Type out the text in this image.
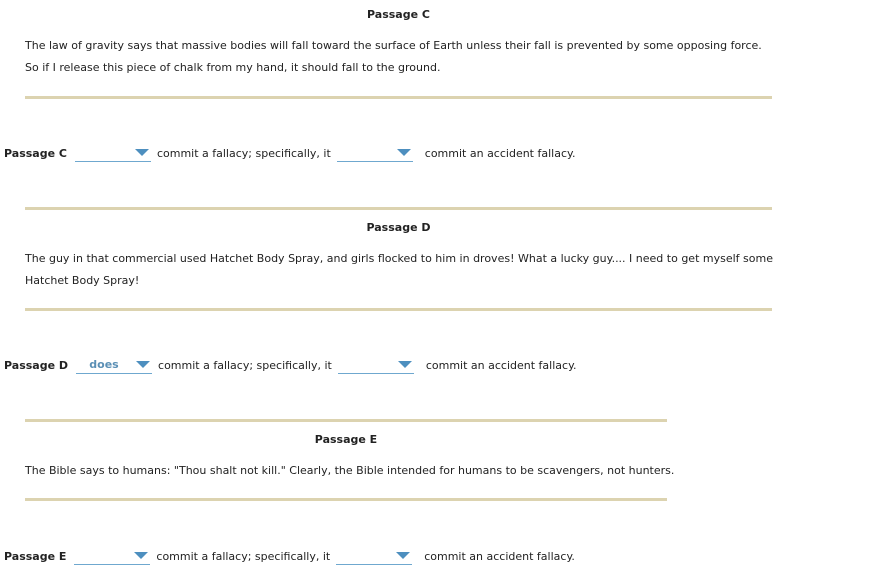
Passage C
The law of gravity says that massive bodies will fall toward the surface of Earth unless their fall is prevented by some opposing force. So if I release this piece of chalk from my hand, it should fall to the ground.
Passage C	commit a fallacy; specifically, it	commit an accident fallacy.
Passage D
The guy in that commercial used Hatchet Body Spray, and girls flocked to him in droves! What a lucky guy.... I need to get myself some Hatchet Body Spray!
Passage D	does	commit a fallacy; specifically, it	commit an accident fallacy.
Passage E
The Bible says to humans: "Thou shalt not kill." Clearly, the Bible intended for humans to be scavengers, not hunters.
Passage E	commit a fallacy; specifically, it	commit an accident fallacy.
